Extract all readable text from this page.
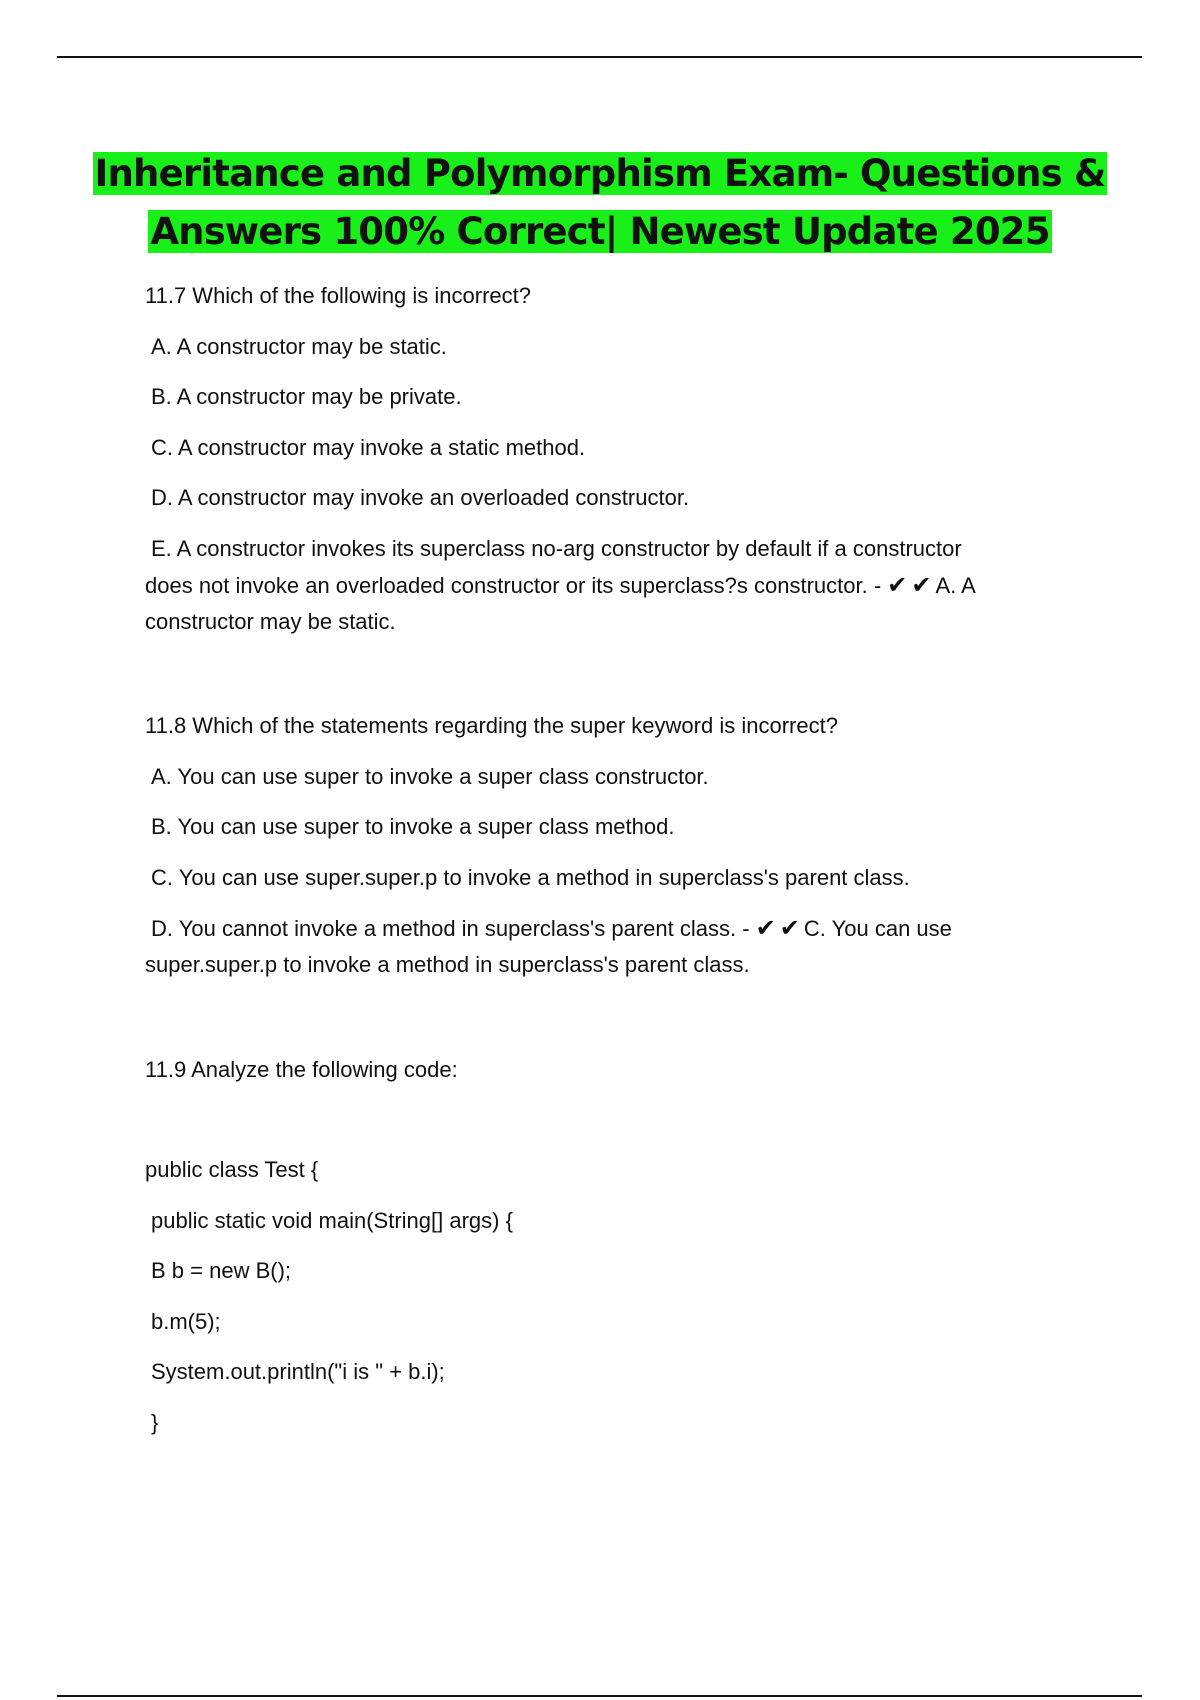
Inheritance and Polymorphism Exam- Questions &
Answers 100% Correct| Newest Update 2025
11.7 Which of the following is incorrect?
A. A constructor may be static.
B. A constructor may be private.
C. A constructor may invoke a static method.
D. A constructor may invoke an overloaded constructor.
E. A constructor invokes its superclass no-arg constructor by default if a constructor
does not invoke an overloaded constructor or its superclass?s constructor. - ✔✔A. A
constructor may be static.
11.8 Which of the statements regarding the super keyword is incorrect?
A. You can use super to invoke a super class constructor.
B. You can use super to invoke a super class method.
C. You can use super.super.p to invoke a method in superclass's parent class.
D. You cannot invoke a method in superclass's parent class. - ✔✔C. You can use
super.super.p to invoke a method in superclass's parent class.
11.9 Analyze the following code:
public class Test {
public static void main(String[] args) {
B b = new B();
b.m(5);
System.out.println("i is " + b.i);
}
